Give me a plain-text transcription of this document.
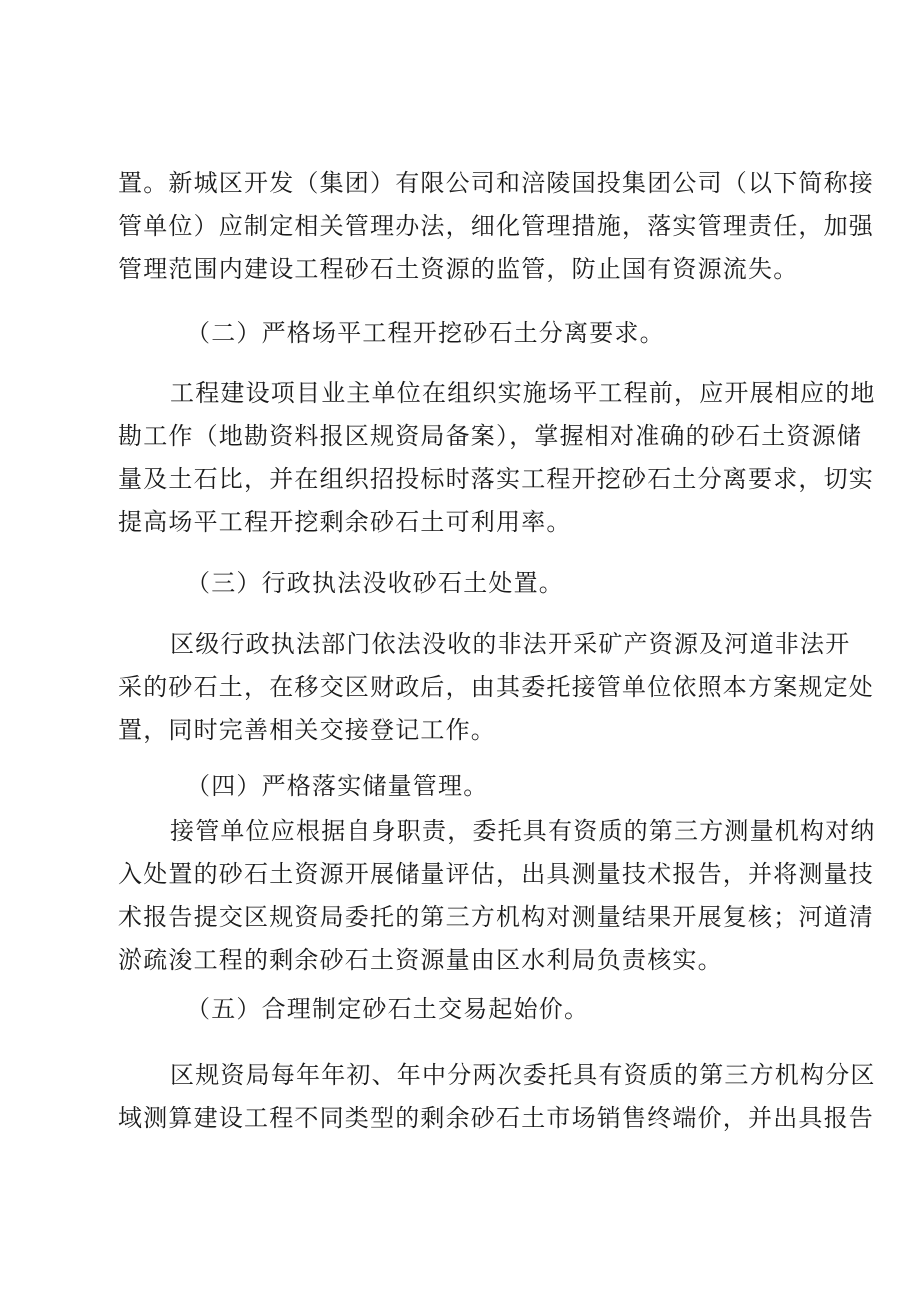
置。新城区开发（集团）有限公司和涪陵国投集团公司（以下简称接
管单位）应制定相关管理办法，细化管理措施，落实管理责任，加强
管理范围内建设工程砂石土资源的监管，防止国有资源流失。
（二）严格场平工程开挖砂石土分离要求。
工程建设项目业主单位在组织实施场平工程前，应开展相应的地
勘工作（地勘资料报区规资局备案），掌握相对准确的砂石土资源储
量及土石比，并在组织招投标时落实工程开挖砂石土分离要求，切实
提高场平工程开挖剩余砂石土可利用率。
（三）行政执法没收砂石土处置。
区级行政执法部门依法没收的非法开采矿产资源及河道非法开
采的砂石土，在移交区财政后，由其委托接管单位依照本方案规定处
置，同时完善相关交接登记工作。
（四）严格落实储量管理。
接管单位应根据自身职责，委托具有资质的第三方测量机构对纳
入处置的砂石土资源开展储量评估，出具测量技术报告，并将测量技
术报告提交区规资局委托的第三方机构对测量结果开展复核；河道清
淤疏浚工程的剩余砂石土资源量由区水利局负责核实。
（五）合理制定砂石土交易起始价。
区规资局每年年初、年中分两次委托具有资质的第三方机构分区
域测算建设工程不同类型的剩余砂石土市场销售终端价，并出具报告
